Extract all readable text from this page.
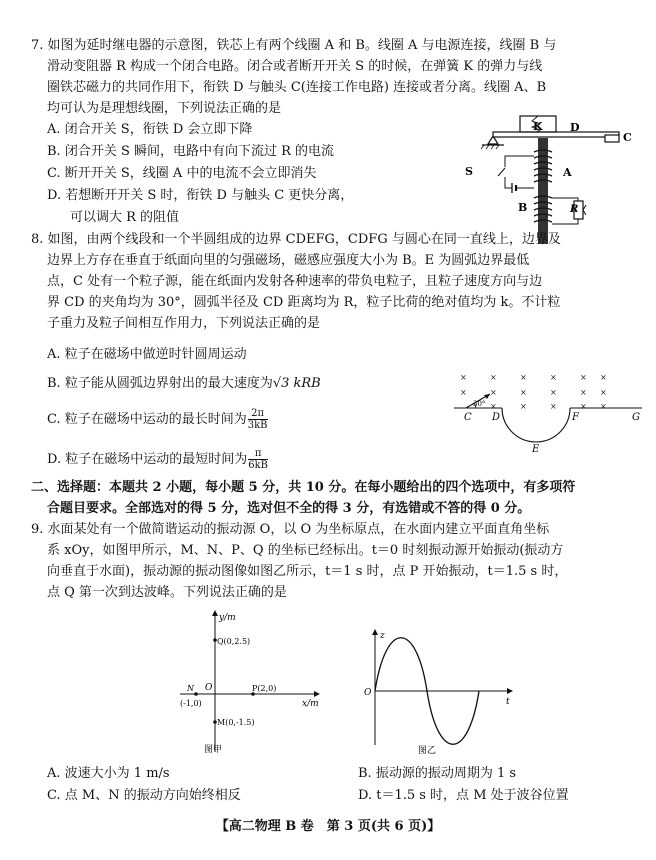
7. 如图为延时继电器的示意图，铁芯上有两个线圈 A 和 B。线圈 A 与电源连接，线圈 B 与
滑动变阻器 R 构成一个闭合电路。闭合或者断开开关 S 的时候，在弹簧 K 的弹力与线
圈铁芯磁力的共同作用下，衔铁 D 与触头 C(连接工作电路) 连接或者分离。线圈 A、B
均可认为是理想线圈，下列说法正确的是
A. 闭合开关 S，衔铁 D 会立即下降
B. 闭合开关 S 瞬间，电路中有向下流过 R 的电流
C. 断开开关 S，线圈 A 中的电流不会立即消失
D. 若想断开开关 S 时，衔铁 D 与触头 C 更快分离，
可以调大 R 的阻值
K D
C
A
B
S
R
8. 如图，由两个线段和一个半圆组成的边界 CDEFG，CDFG 与圆心在同一直线上，边界及
边界上方存在垂直于纸面向里的匀强磁场，磁感应强度大小为 B。E 为圆弧边界最低
点，C 处有一个粒子源，能在纸面内发射各种速率的带负电粒子，且粒子速度方向与边
界 CD 的夹角均为 30°，圆弧半径及 CD 距离均为 R，粒子比荷的绝对值均为 k。不计粒
子重力及粒子间相互作用力，下列说法正确的是
A. 粒子在磁场中做逆时针圆周运动
B. 粒子能从圆弧边界射出的最大速度为√3 kRB
C. 粒子在磁场中运动的最长时间为 $\frac{2\pi}{3kB}$
D. 粒子在磁场中运动的最短时间为 $\frac{\pi}{6kB}$
×	×	×	×	× ×
×	×	×	×	× ×
×	×	×	× ×
30°
C D	F	G
E
二、选择题：本题共 2 小题，每小题 5 分，共 10 分。在每小题给出的四个选项中，有多项符
合题目要求。全部选对的得 5 分，选对但不全的得 3 分，有选错或不答的得 0 分。
9. 水面某处有一个做简谐运动的振动源 O，以 O 为坐标原点，在水面内建立平面直角坐标
系 xOy，如图甲所示，M、N、P、Q 的坐标已经标出。t＝0 时刻振动源开始振动(振动方
向垂直于水面)，振动源的振动图像如图乙所示，t＝1 s 时，点 P 开始振动，t＝1.5 s 时，
点 Q 第一次到达波峰。下列说法正确的是
y/m
x/m
O
Q(0,2.5)
P(2,0)
N
(-1,0)
M(0,-1.5)
图甲
z
t
O
图乙
A. 波速大小为 1 m/s	B. 振动源的振动周期为 1 s
C. 点 M、N 的振动方向始终相反	D. t＝1.5 s 时，点 M 处于波谷位置
【高二物理 B 卷　第 3 页(共 6 页)】
